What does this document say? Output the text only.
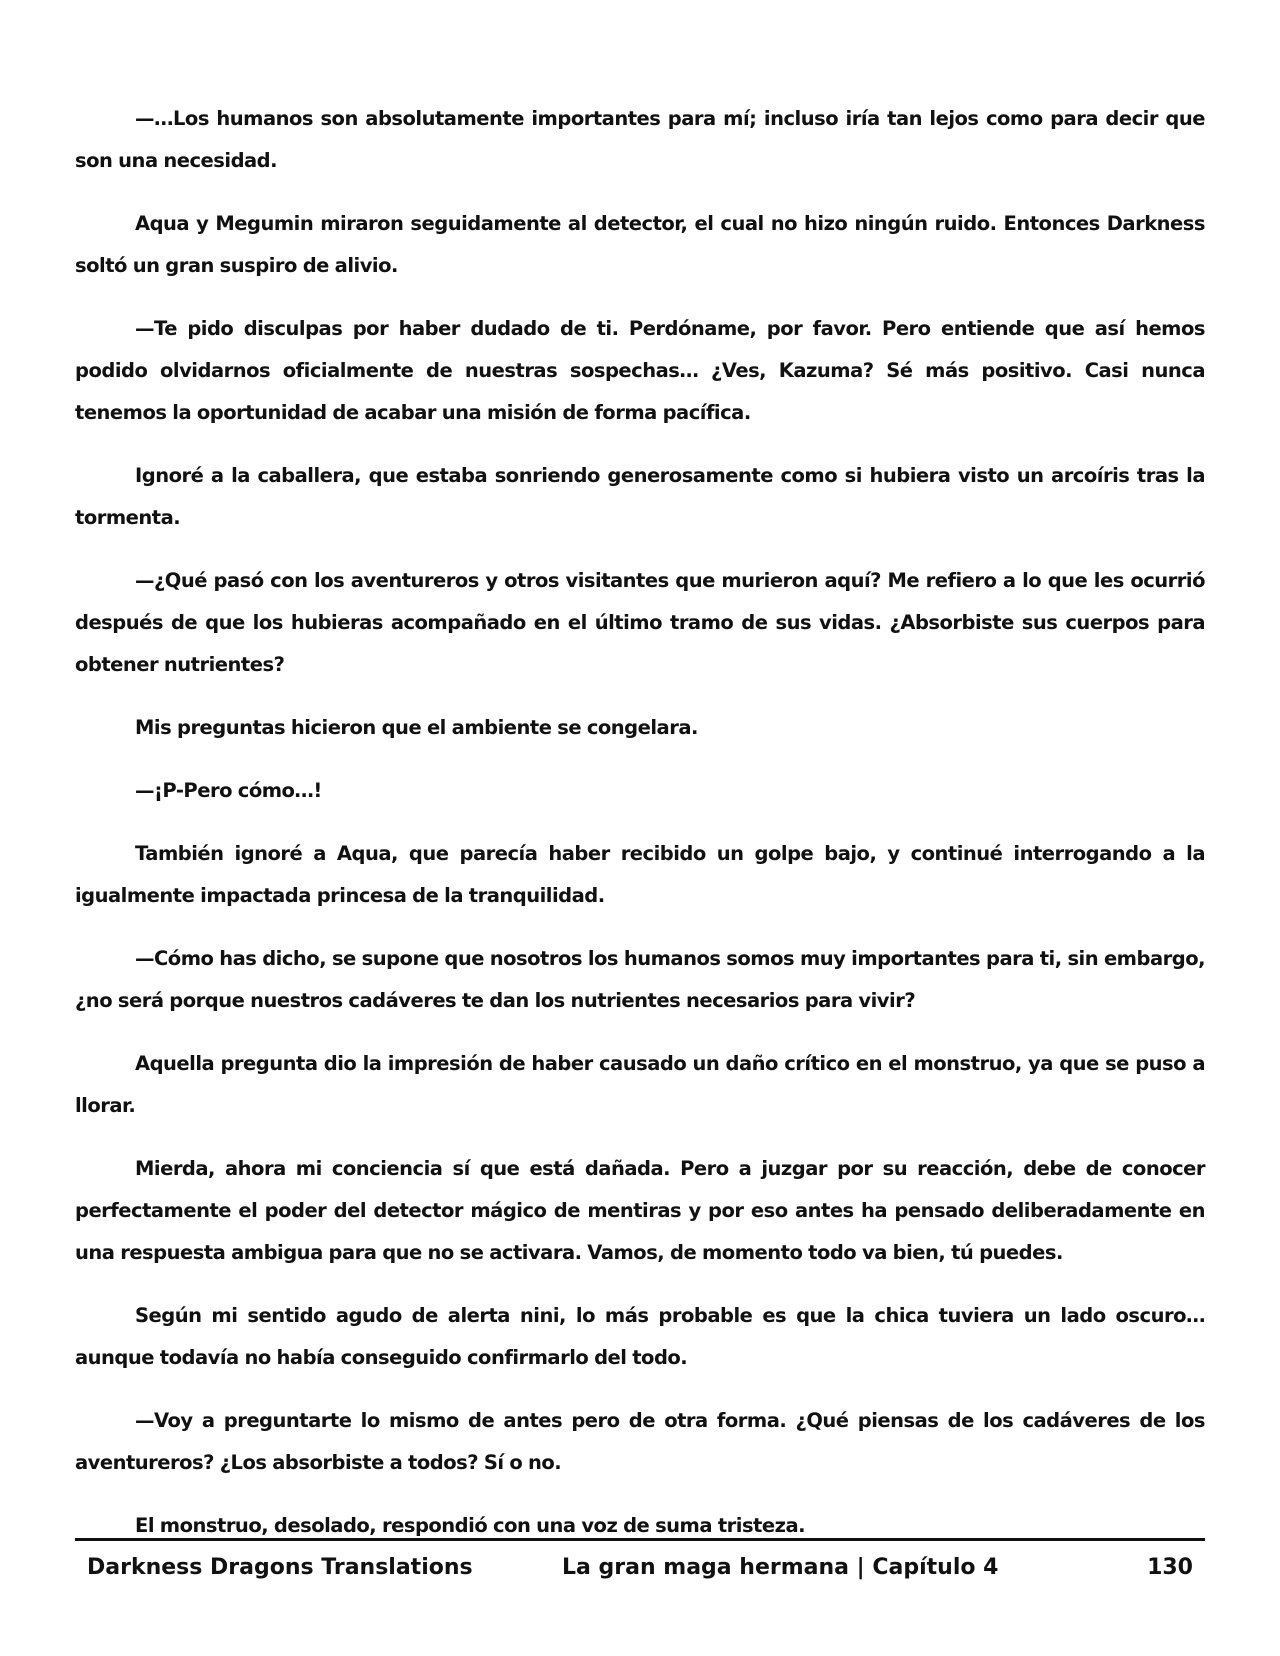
—…Los humanos son absolutamente importantes para mí; incluso iría tan lejos como para decir que son una necesidad.

Aqua y Megumin miraron seguidamente al detector, el cual no hizo ningún ruido. Entonces Darkness soltó un gran suspiro de alivio.

—Te pido disculpas por haber dudado de ti. Perdóname, por favor. Pero entiende que así hemos podido olvidarnos oficialmente de nuestras sospechas… ¿Ves, Kazuma? Sé más positivo. Casi nunca tenemos la oportunidad de acabar una misión de forma pacífica.

Ignoré a la caballera, que estaba sonriendo generosamente como si hubiera visto un arcoíris tras la tormenta.

—¿Qué pasó con los aventureros y otros visitantes que murieron aquí? Me refiero a lo que les ocurrió después de que los hubieras acompañado en el último tramo de sus vidas. ¿Absorbiste sus cuerpos para obtener nutrientes?

Mis preguntas hicieron que el ambiente se congelara.

—¡P-Pero cómo…!

También ignoré a Aqua, que parecía haber recibido un golpe bajo, y continué interrogando a la igualmente impactada princesa de la tranquilidad.

—Cómo has dicho, se supone que nosotros los humanos somos muy importantes para ti, sin embargo, ¿no será porque nuestros cadáveres te dan los nutrientes necesarios para vivir?

Aquella pregunta dio la impresión de haber causado un daño crítico en el monstruo, ya que se puso a llorar.

Mierda, ahora mi conciencia sí que está dañada. Pero a juzgar por su reacción, debe de conocer perfectamente el poder del detector mágico de mentiras y por eso antes ha pensado deliberadamente en una respuesta ambigua para que no se activara. Vamos, de momento todo va bien, tú puedes.

Según mi sentido agudo de alerta nini, lo más probable es que la chica tuviera un lado oscuro… aunque todavía no había conseguido confirmarlo del todo.

—Voy a preguntarte lo mismo de antes pero de otra forma. ¿Qué piensas de los cadáveres de los aventureros? ¿Los absorbiste a todos? Sí o no.

El monstruo, desolado, respondió con una voz de suma tristeza.

Darkness Dragons Translations	La gran maga hermana | Capítulo 4	130
